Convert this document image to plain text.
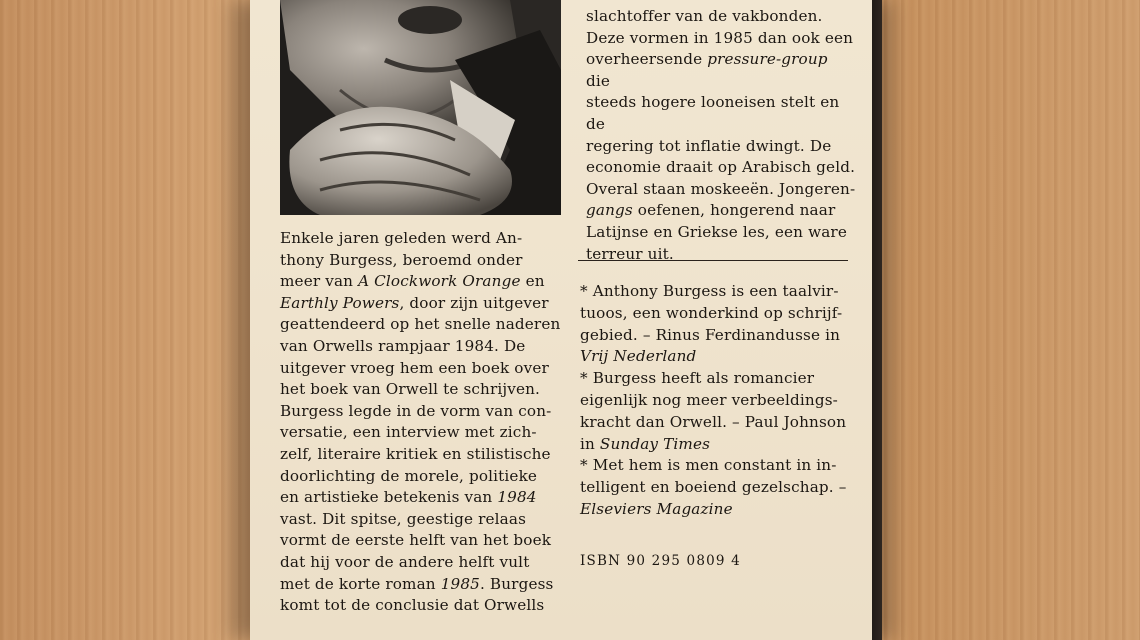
Enkele jaren geleden werd An-
thony Burgess, beroemd onder
meer van A Clockwork Orange en
Earthly Powers, door zijn uitgever
geattendeerd op het snelle naderen
van Orwells rampjaar 1984. De
uitgever vroeg hem een boek over
het boek van Orwell te schrijven.
Burgess legde in de vorm van con-
versatie, een interview met zich-
zelf, literaire kritiek en stilistische
doorlichting de morele, politieke
en artistieke betekenis van 1984
vast. Dit spitse, geestige relaas
vormt de eerste helft van het boek
dat hij voor de andere helft vult
met de korte roman 1985. Burgess
komt tot de conclusie dat Orwells

slachtoffer van de vakbonden.
Deze vormen in 1985 dan ook een
overheersende pressure-group die
steeds hogere looneisen stelt en de
regering tot inflatie dwingt. De
economie draait op Arabisch geld.
Overal staan moskeeën. Jongeren-
gangs oefenen, hongerend naar
Latijnse en Griekse les, een ware
terreur uit.

* Anthony Burgess is een taalvir-
tuoos, een wonderkind op schrijf-
gebied. – Rinus Ferdinandusse in
Vrij Nederland

* Burgess heeft als romancier
eigenlijk nog meer verbeeldings-
kracht dan Orwell. – Paul Johnson
in Sunday Times

* Met hem is men constant in in-
telligent en boeiend gezelschap. –
Elseviers Magazine

ISBN 90 295 0809 4
